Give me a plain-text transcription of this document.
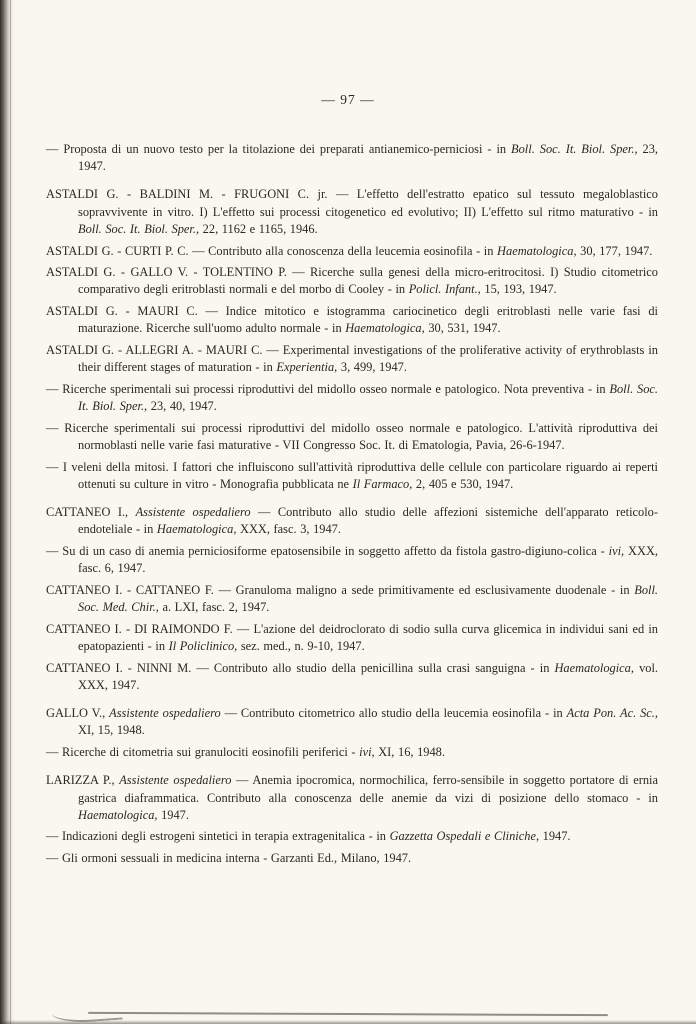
— 97 —

— Proposta di un nuovo testo per la titolazione dei preparati antianemico-perniciosi - in Boll. Soc. It. Biol. Sper., 23, 1947.

ASTALDI G. - BALDINI M. - FRUGONI C. jr. — L'effetto dell'estratto epatico sul tessuto megaloblastico sopravvivente in vitro. I) L'effetto sui processi citogenetico ed evolutivo; II) L'effetto sul ritmo maturativo - in Boll. Soc. It. Biol. Sper., 22, 1162 e 1165, 1946.

ASTALDI G. - CURTI P. C. — Contributo alla conoscenza della leucemia eosinofila - in Haematologica, 30, 177, 1947.

ASTALDI G. - GALLO V. - TOLENTINO P. — Ricerche sulla genesi della micro-eritrocitosi. I) Studio citometrico comparativo degli eritroblasti normali e del morbo di Cooley - in Policl. Infant., 15, 193, 1947.

ASTALDI G. - MAURI C. — Indice mitotico e istogramma cariocinetico degli eritroblasti nelle varie fasi di maturazione. Ricerche sull'uomo adulto normale - in Haematologica, 30, 531, 1947.

ASTALDI G. - ALLEGRI A. - MAURI C. — Experimental investigations of the proliferative activity of erythroblasts in their different stages of maturation - in Experientia, 3, 499, 1947.

— Ricerche sperimentali sui processi riproduttivi del midollo osseo normale e patologico. Nota preventiva - in Boll. Soc. It. Biol. Sper., 23, 40, 1947.

— Ricerche sperimentali sui processi riproduttivi del midollo osseo normale e patologico. L'attività riproduttiva dei normoblasti nelle varie fasi maturative - VII Congresso Soc. It. di Ematologia, Pavia, 26-6-1947.

— I veleni della mitosi. I fattori che influiscono sull'attività riproduttiva delle cellule con particolare riguardo ai reperti ottenuti su culture in vitro - Monografia pubblicata ne Il Farmaco, 2, 405 e 530, 1947.

CATTANEO I., Assistente ospedaliero — Contributo allo studio delle affezioni sistemiche dell'apparato reticolo-endoteliale - in Haematologica, XXX, fasc. 3, 1947.

— Su di un caso di anemia perniciosiforme epatosensibile in soggetto affetto da fistola gastro-digiuno-colica - ivi, XXX, fasc. 6, 1947.

CATTANEO I. - CATTANEO F. — Granuloma maligno a sede primitivamente ed esclusivamente duodenale - in Boll. Soc. Med. Chir., a. LXI, fasc. 2, 1947.

CATTANEO I. - DI RAIMONDO F. — L'azione del deidroclorato di sodio sulla curva glicemica in individui sani ed in epatopazienti - in Il Policlinico, sez. med., n. 9-10, 1947.

CATTANEO I. - NINNI M. — Contributo allo studio della penicillina sulla crasi sanguigna - in Haematologica, vol. XXX, 1947.

GALLO V., Assistente ospedaliero — Contributo citometrico allo studio della leucemia eosinofila - in Acta Pon. Ac. Sc., XI, 15, 1948.

— Ricerche di citometria sui granulociti eosinofili periferici - ivi, XI, 16, 1948.

LARIZZA P., Assistente ospedaliero — Anemia ipocromica, normochilica, ferro-sensibile in soggetto portatore di ernia gastrica diaframmatica. Contributo alla conoscenza delle anemie da vizi di posizione dello stomaco - in Haematologica, 1947.

— Indicazioni degli estrogeni sintetici in terapia extragenitalica - in Gazzetta Ospedali e Cliniche, 1947.

— Gli ormoni sessuali in medicina interna - Garzanti Ed., Milano, 1947.
